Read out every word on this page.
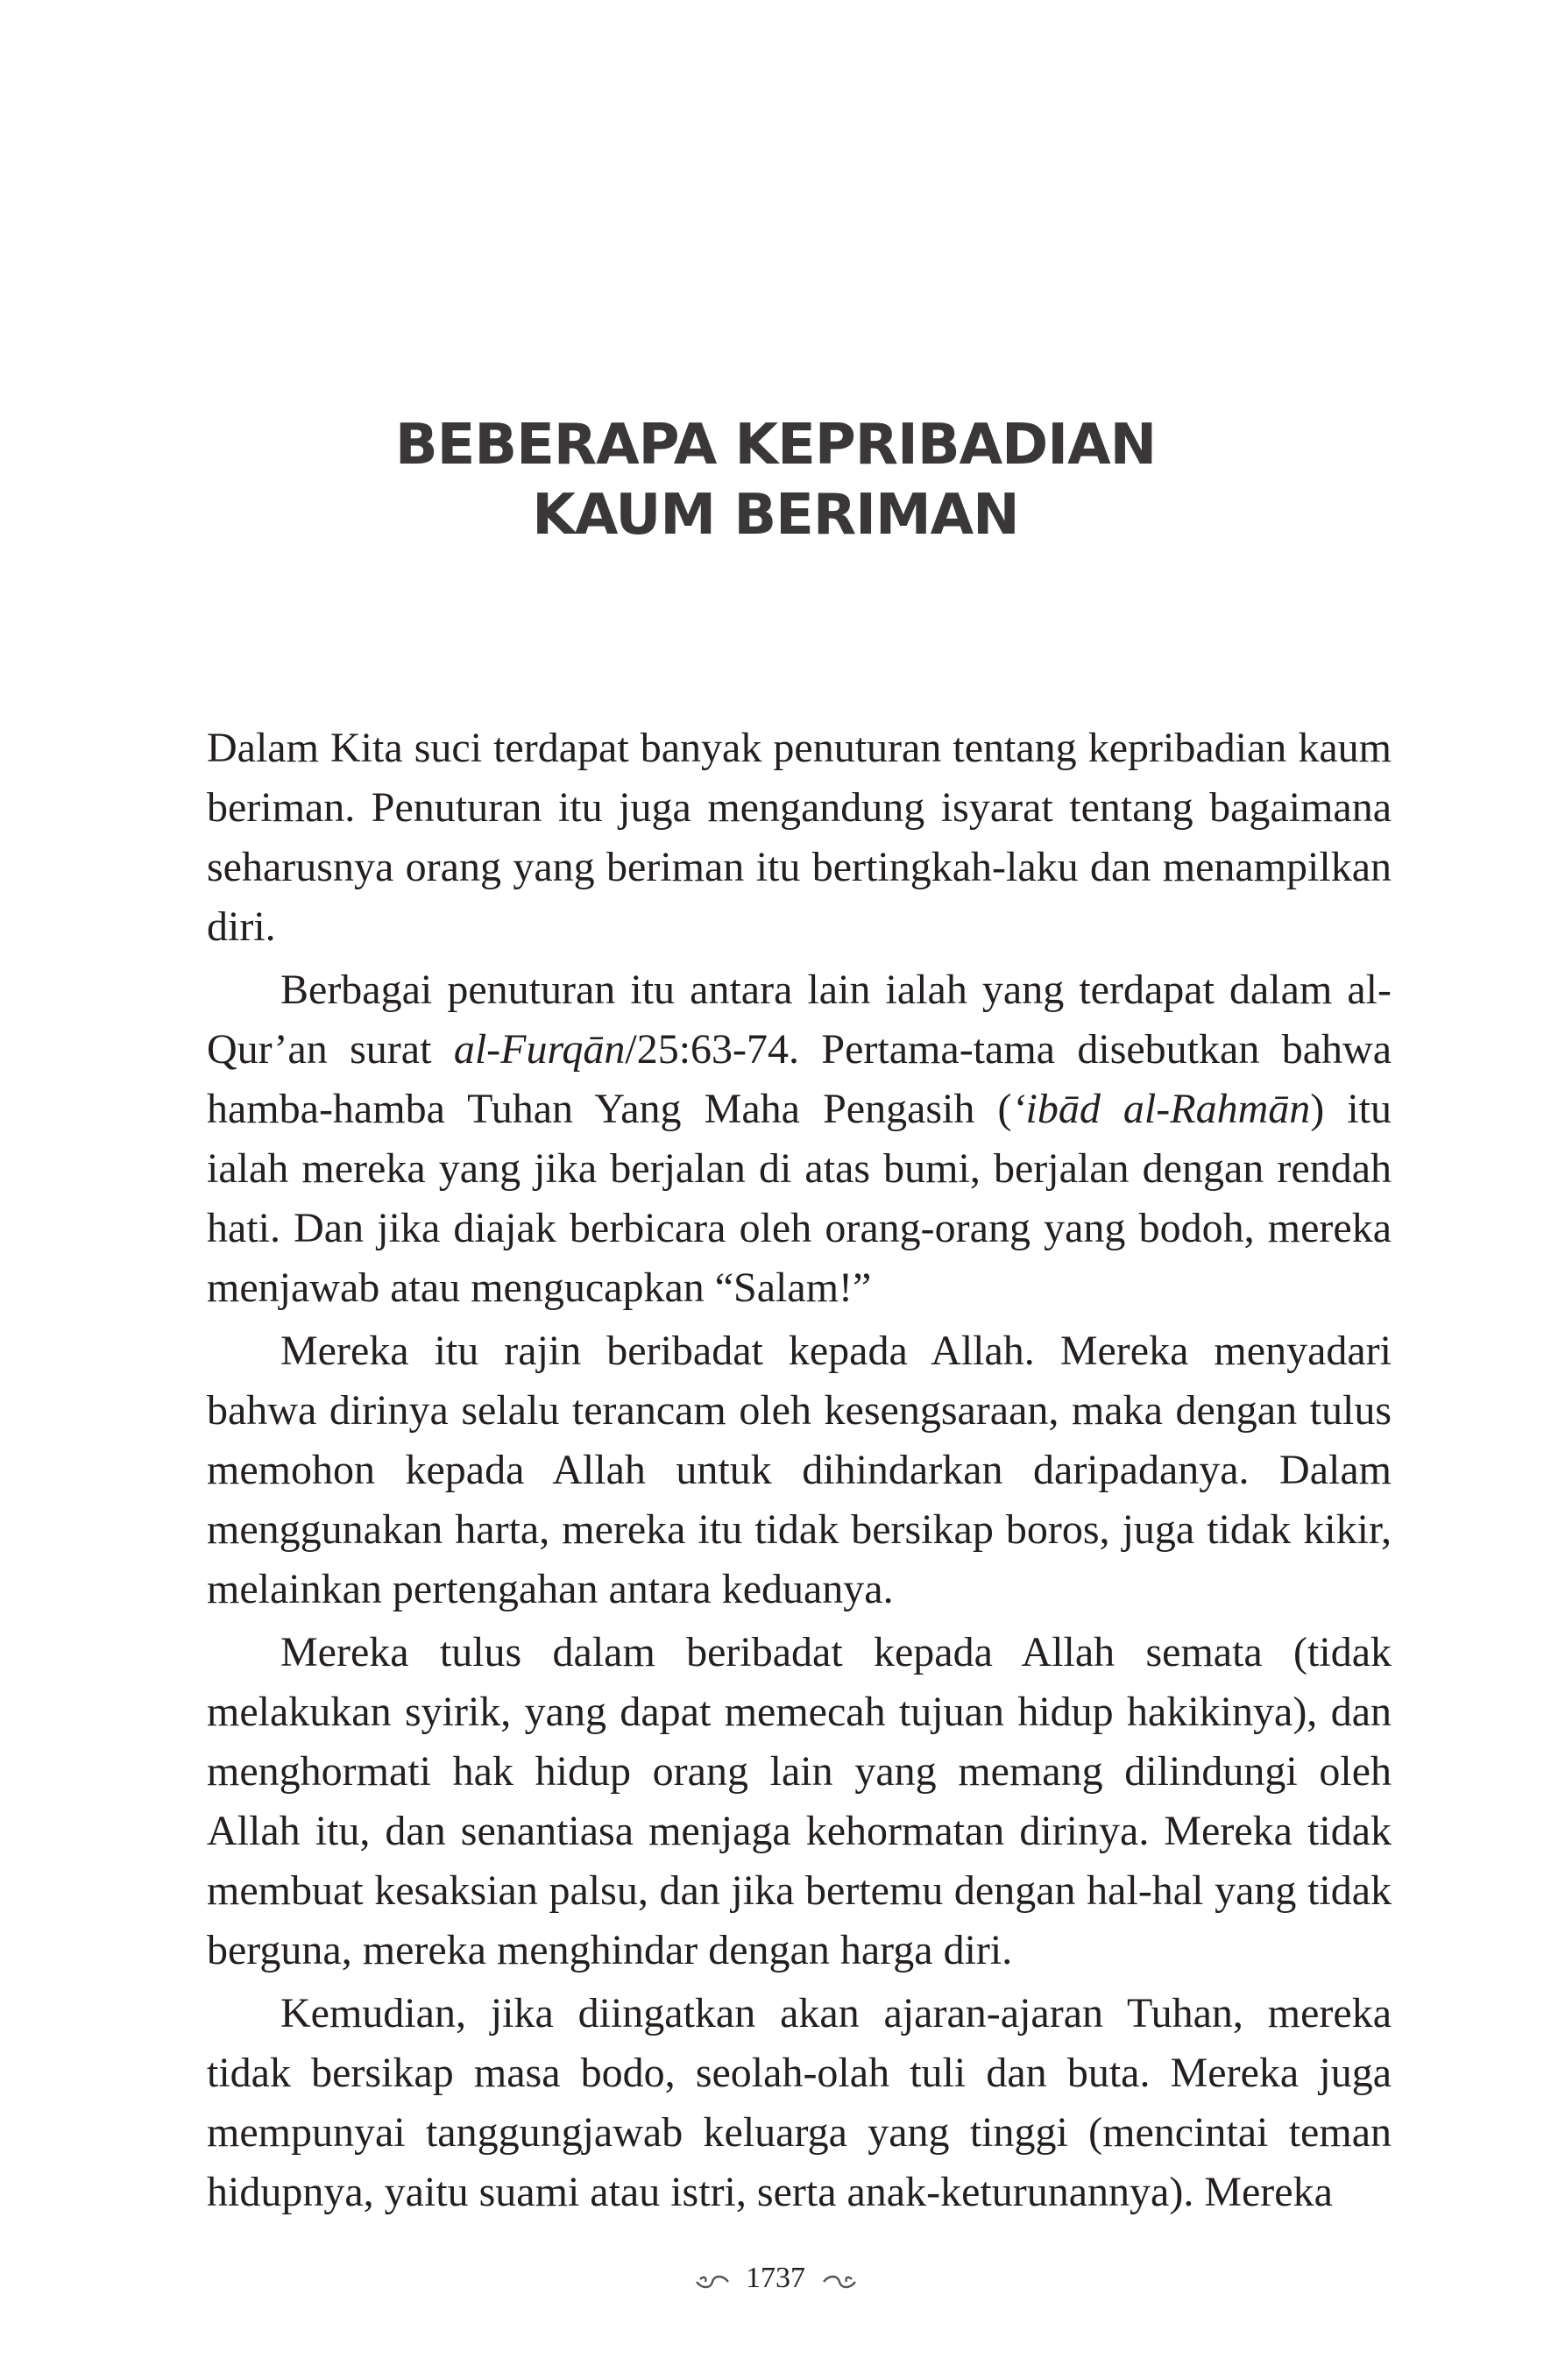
BEBERAPA KEPRIBADIAN
KAUM BERIMAN

Dalam Kita suci terdapat banyak penuturan tentang kepribadian kaum beriman. Penuturan itu juga mengandung isyarat tentang bagaimana seharusnya orang yang beriman itu bertingkah-laku dan menampilkan diri.

Berbagai penuturan itu antara lain ialah yang terdapat dalam al-Qur’an surat al-Furqān/25:63-74. Pertama-tama disebutkan bahwa hamba-hamba Tuhan Yang Maha Pengasih (‘ibād al-Rahmān) itu ialah mereka yang jika berjalan di atas bumi, berjalan dengan rendah hati. Dan jika diajak berbicara oleh orang-orang yang bodoh, mereka menjawab atau mengucapkan “Salam!”

Mereka itu rajin beribadat kepada Allah. Mereka menyadari bahwa dirinya selalu terancam oleh kesengsaraan, maka dengan tulus memohon kepada Allah untuk dihindarkan daripadanya. Dalam menggunakan harta, mereka itu tidak bersikap boros, juga tidak kikir, melainkan pertengahan antara keduanya.

Mereka tulus dalam beribadat kepada Allah semata (tidak melakukan syirik, yang dapat memecah tujuan hidup hakikinya), dan menghormati hak hidup orang lain yang memang dilindungi oleh Allah itu, dan senantiasa menjaga kehormatan dirinya. Mereka tidak membuat kesaksian palsu, dan jika bertemu dengan hal-hal yang tidak berguna, mereka menghindar dengan harga diri.

Kemudian, jika diingatkan akan ajaran-ajaran Tuhan, mereka tidak bersikap masa bodo, seolah-olah tuli dan buta. Mereka juga mempunyai tanggungjawab keluarga yang tinggi (mencintai teman hidupnya, yaitu suami atau istri, serta anak-keturunannya). Mereka

1737
